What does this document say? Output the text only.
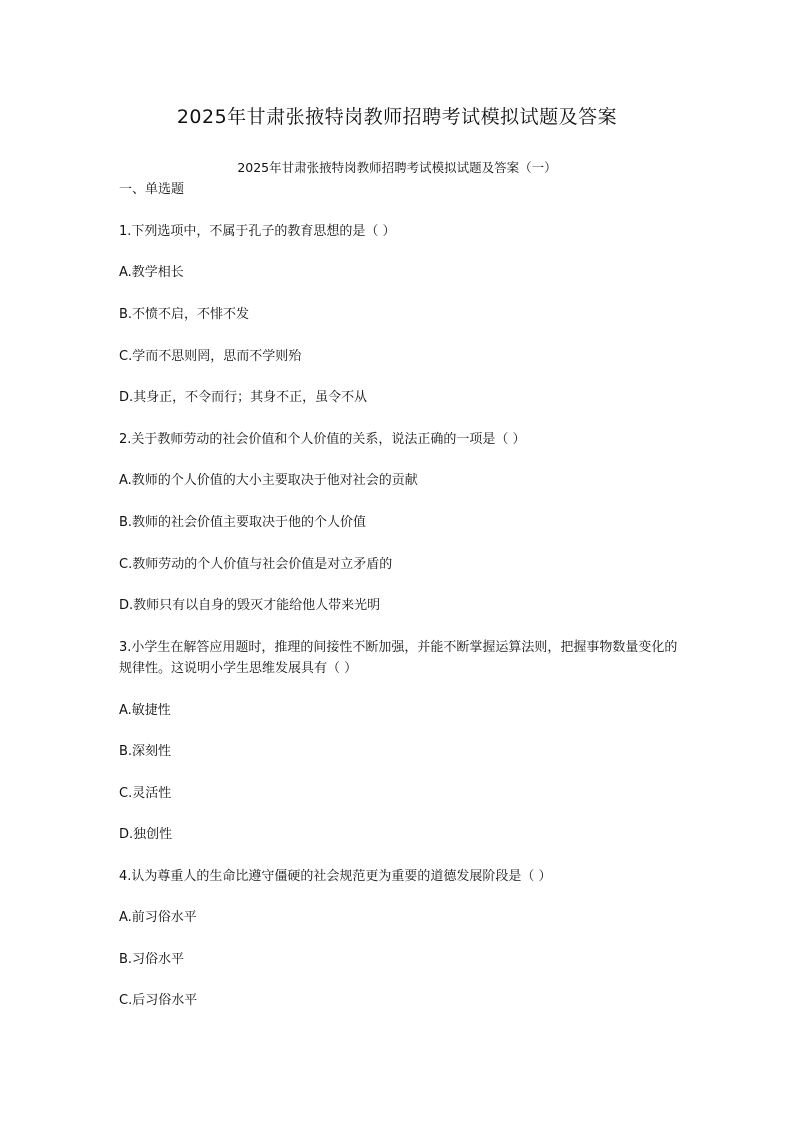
2025年甘肃张掖特岗教师招聘考试模拟试题及答案
2025年甘肃张掖特岗教师招聘考试模拟试题及答案（一）
一、单选题
1.下列选项中，不属于孔子的教育思想的是（ ）
A.教学相长
B.不愤不启，不悱不发
C.学而不思则罔，思而不学则殆
D.其身正，不令而行；其身不正，虽令不从
2.关于教师劳动的社会价值和个人价值的关系，说法正确的一项是（ ）
A.教师的个人价值的大小主要取决于他对社会的贡献
B.教师的社会价值主要取决于他的个人价值
C.教师劳动的个人价值与社会价值是对立矛盾的
D.教师只有以自身的毁灭才能给他人带来光明
3.小学生在解答应用题时，推理的间接性不断加强，并能不断掌握运算法则，把握事物数量变化的规律性。这说明小学生思维发展具有（ ）
A.敏捷性
B.深刻性
C.灵活性
D.独创性
4.认为尊重人的生命比遵守僵硬的社会规范更为重要的道德发展阶段是（ ）
A.前习俗水平
B.习俗水平
C.后习俗水平
